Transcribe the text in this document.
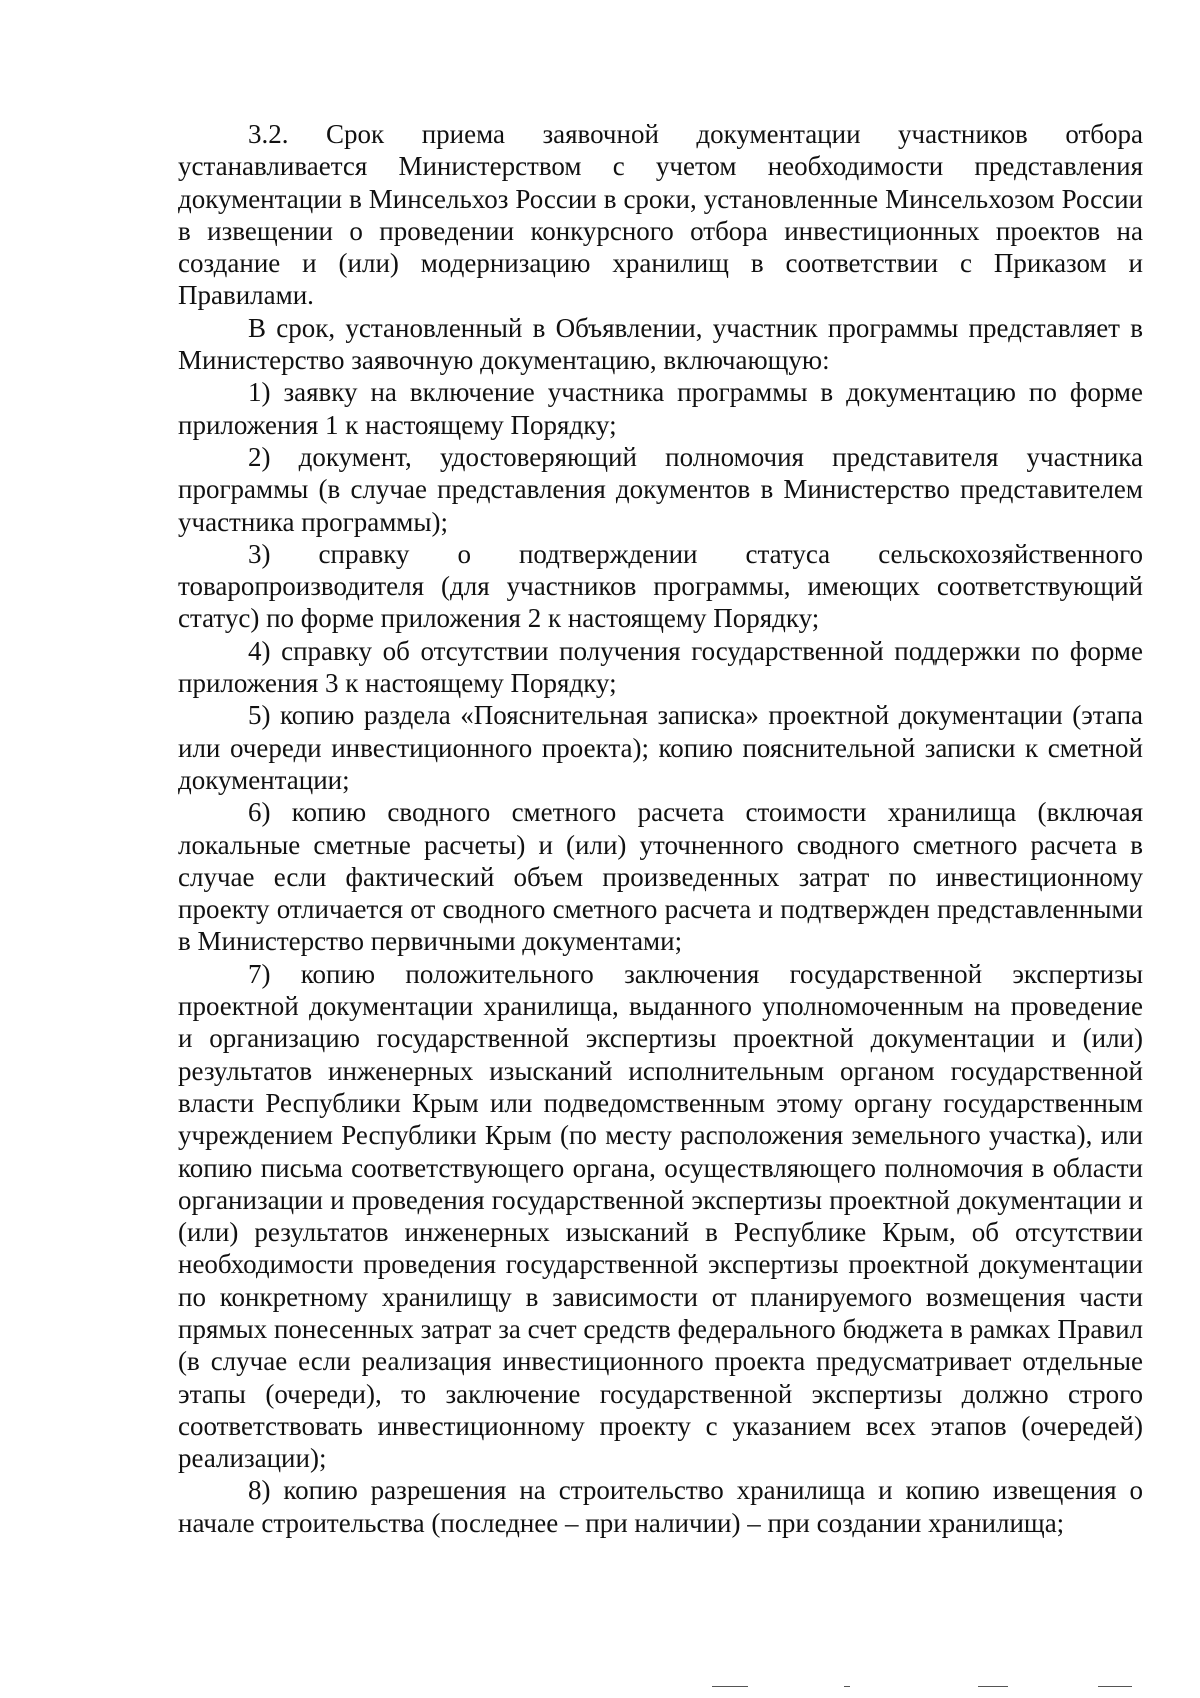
3.2. Срок приема заявочной документации участников отбора устанавливается Министерством с учетом необходимости представления документации в Минсельхоз России в сроки, установленные Минсельхозом России в извещении о проведении конкурсного отбора инвестиционных проектов на создание и (или) модернизацию хранилищ в соответствии с Приказом и Правилами.

В срок, установленный в Объявлении, участник программы представляет в Министерство заявочную документацию, включающую:

1) заявку на включение участника программы в документацию по форме приложения 1 к настоящему Порядку;

2) документ, удостоверяющий полномочия представителя участника программы (в случае представления документов в Министерство представителем участника программы);

3) справку о подтверждении статуса сельскохозяйственного товаропроизводителя (для участников программы, имеющих соответствующий статус) по форме приложения 2 к настоящему Порядку;

4) справку об отсутствии получения государственной поддержки по форме приложения 3 к настоящему Порядку;

5) копию раздела «Пояснительная записка» проектной документации (этапа или очереди инвестиционного проекта); копию пояснительной записки к сметной документации;

6) копию сводного сметного расчета стоимости хранилища (включая локальные сметные расчеты) и (или) уточненного сводного сметного расчета в случае если фактический объем произведенных затрат по инвестиционному проекту отличается от сводного сметного расчета и подтвержден представленными в Министерство первичными документами;

7) копию положительного заключения государственной экспертизы проектной документации хранилища, выданного уполномоченным на проведение и организацию государственной экспертизы проектной документации и (или) результатов инженерных изысканий исполнительным органом государственной власти Республики Крым или подведомственным этому органу государственным учреждением Республики Крым (по месту расположения земельного участка), или копию письма соответствующего органа, осуществляющего полномочия в области организации и проведения государственной экспертизы проектной документации и (или) результатов инженерных изысканий в Республике Крым, об отсутствии необходимости проведения государственной экспертизы проектной документации по конкретному хранилищу в зависимости от планируемого возмещения части прямых понесенных затрат за счет средств федерального бюджета в рамках Правил (в случае если реализация инвестиционного проекта предусматривает отдельные этапы (очереди), то заключение государственной экспертизы должно строго соответствовать инвестиционному проекту с указанием всех этапов (очередей) реализации);

8) копию разрешения на строительство хранилища и копию извещения о начале строительства (последнее – при наличии) – при создании хранилища;
